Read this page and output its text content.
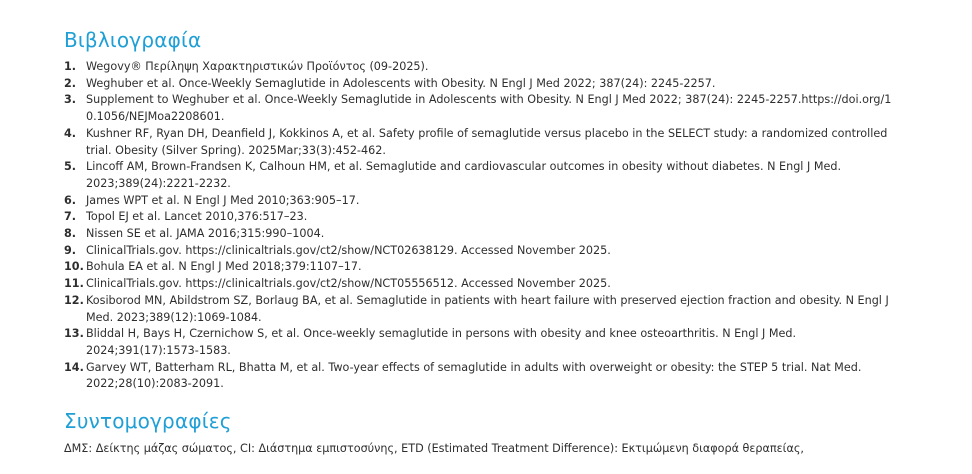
Βιβλιογραφία
1. Wegovy® Περίληψη Χαρακτηριστικών Προϊόντος (09-2025).
2. Weghuber et al. Once-Weekly Semaglutide in Adolescents with Obesity. N Engl J Med 2022; 387(24): 2245-2257.
3. Supplement to Weghuber et al. Once-Weekly Semaglutide in Adolescents with Obesity. N Engl J Med 2022; 387(24): 2245-2257.https://doi.org/10.1056/NEJMoa2208601.
4. Kushner RF, Ryan DH, Deanfield J, Kokkinos A, et al. Safety profile of semaglutide versus placebo in the SELECT study: a randomized controlled trial. Obesity (Silver Spring). 2025Mar;33(3):452-462.
5. Lincoff AM, Brown-Frandsen K, Calhoun HM, et al. Semaglutide and cardiovascular outcomes in obesity without diabetes. N Engl J Med. 2023;389(24):2221-2232.
6. James WPT et al. N Engl J Med 2010;363:905–17.
7. Topol EJ et al. Lancet 2010,376:517–23.
8. Nissen SE et al. JAMA 2016;315:990–1004.
9. ClinicalTrials.gov. https://clinicaltrials.gov/ct2/show/NCT02638129. Accessed November 2025.
10. Bohula EA et al. N Engl J Med 2018;379:1107–17.
11. ClinicalTrials.gov. https://clinicaltrials.gov/ct2/show/NCT05556512. Accessed November 2025.
12. Kosiborod MN, Abildstrom SZ, Borlaug BA, et al. Semaglutide in patients with heart failure with preserved ejection fraction and obesity. N Engl J Med. 2023;389(12):1069-1084.
13. Bliddal H, Bays H, Czernichow S, et al. Once-weekly semaglutide in persons with obesity and knee osteoarthritis. N Engl J Med. 2024;391(17):1573-1583.
14. Garvey WT, Batterham RL, Bhatta M, et al. Two-year effects of semaglutide in adults with overweight or obesity: the STEP 5 trial. Nat Med. 2022;28(10):2083-2091.
Συντομογραφίες

ΔΜΣ: Δείκτης μάζας σώματος, CI: Διάστημα εμπιστοσύνης, ETD (Estimated Treatment Difference): Εκτιμώμενη διαφορά θεραπείας,
